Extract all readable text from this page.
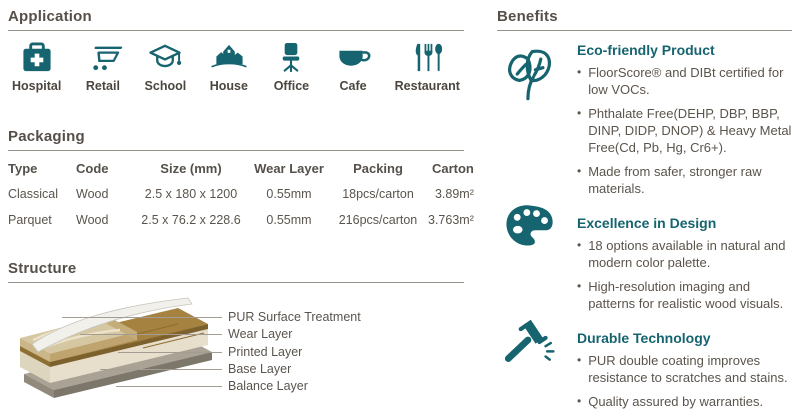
Application
Hospital Retail School House Office Cafe Restaurant
Packaging
Type	Code	Size (mm)	Wear Layer	Packing	Carton
Classical	Wood	2.5 x 180 x 1200	0.55mm	18pcs/carton	3.89m²
Parquet	Wood	2.5 x 76.2 x 228.6	0.55mm	216pcs/carton 3.763m²
Structure
PUR Surface Treatment
Wear Layer
Printed Layer
Base Layer
Balance Layer
Benefits
Eco-friendly Product
• FloorScore® and DIBt certified for low VOCs.
• Phthalate Free(DEHP, DBP, BBP, DINP, DIDP, DNOP) & Heavy Metal Free(Cd, Pb, Hg, Cr6+).
• Made from safer, stronger raw materials.
Excellence in Design
• 18 options available in natural and modern color palette.
• High-resolution imaging and patterns for realistic wood visuals.
Durable Technology
• PUR double coating improves resistance to scratches and stains.
• Quality assured by warranties.
